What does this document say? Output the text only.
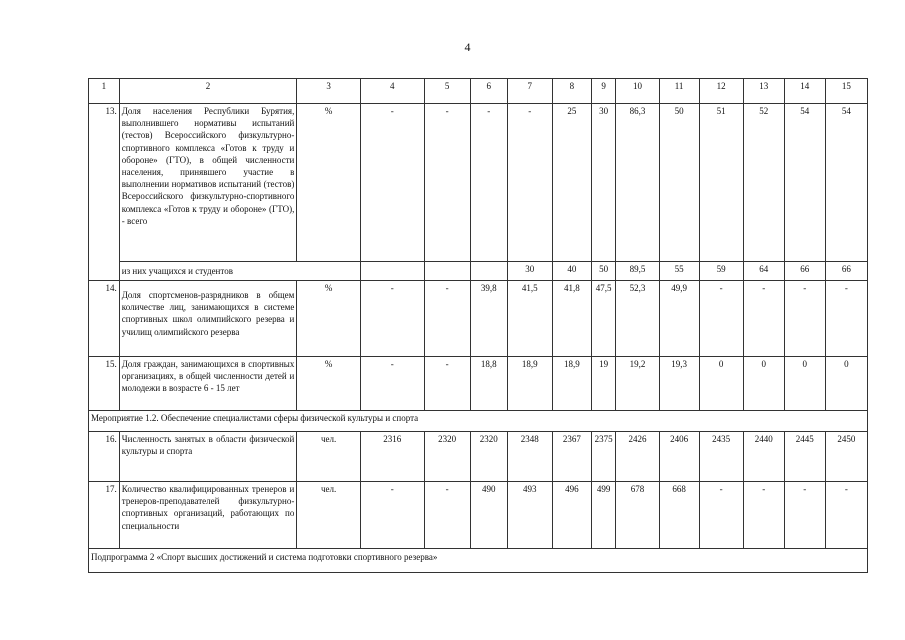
4
1	2	3	4	5	6	7	8	9	10	11	12	13	14	15
13.	Доля населения Республики Бурятия, выполнившего нормативы испытаний (тестов) Всероссийского физкультурно-спортивного комплекса «Готов к труду и обороне» (ГТО), в общей численности населения, принявшего участие в выполнении нормативов испытаний (тестов) Всероссийского физкультурно-спортивного комплекса «Готов к труду и обороне» (ГТО), - всего	%	-	-	-	-	25	30	86,3	50	51	52	54	54
	из них учащихся и студентов					30	40	50	89,5	55	59	64	66	66
14.	Доля спортсменов-разрядников в общем количестве лиц, занимающихся в системе спортивных школ олимпийского резерва и училищ олимпийского резерва	%	-	-	39,8	41,5	41,8	47,5	52,3	49,9	-	-	-	-
15.	Доля граждан, занимающихся в спортивных организациях, в общей численности детей и молодежи в возрасте 6 - 15 лет	%	-	-	18,8	18,9	18,9	19	19,2	19,3	0	0	0	0
Мероприятие 1.2. Обеспечение специалистами сферы физической культуры и спорта														
16.	Численность занятых в области физической культуры и спорта	чел.	2316	2320	2320	2348	2367	2375	2426	2406	2435	2440	2445	2450
17.	Количество квалифицированных тренеров и тренеров-преподавателей физкультурно-спортивных организаций, работающих по специальности	чел.	-	-	490	493	496	499	678	668	-	-	-	-
Подпрограмма 2 «Спорт высших достижений и система подготовки спортивного резерва»														
